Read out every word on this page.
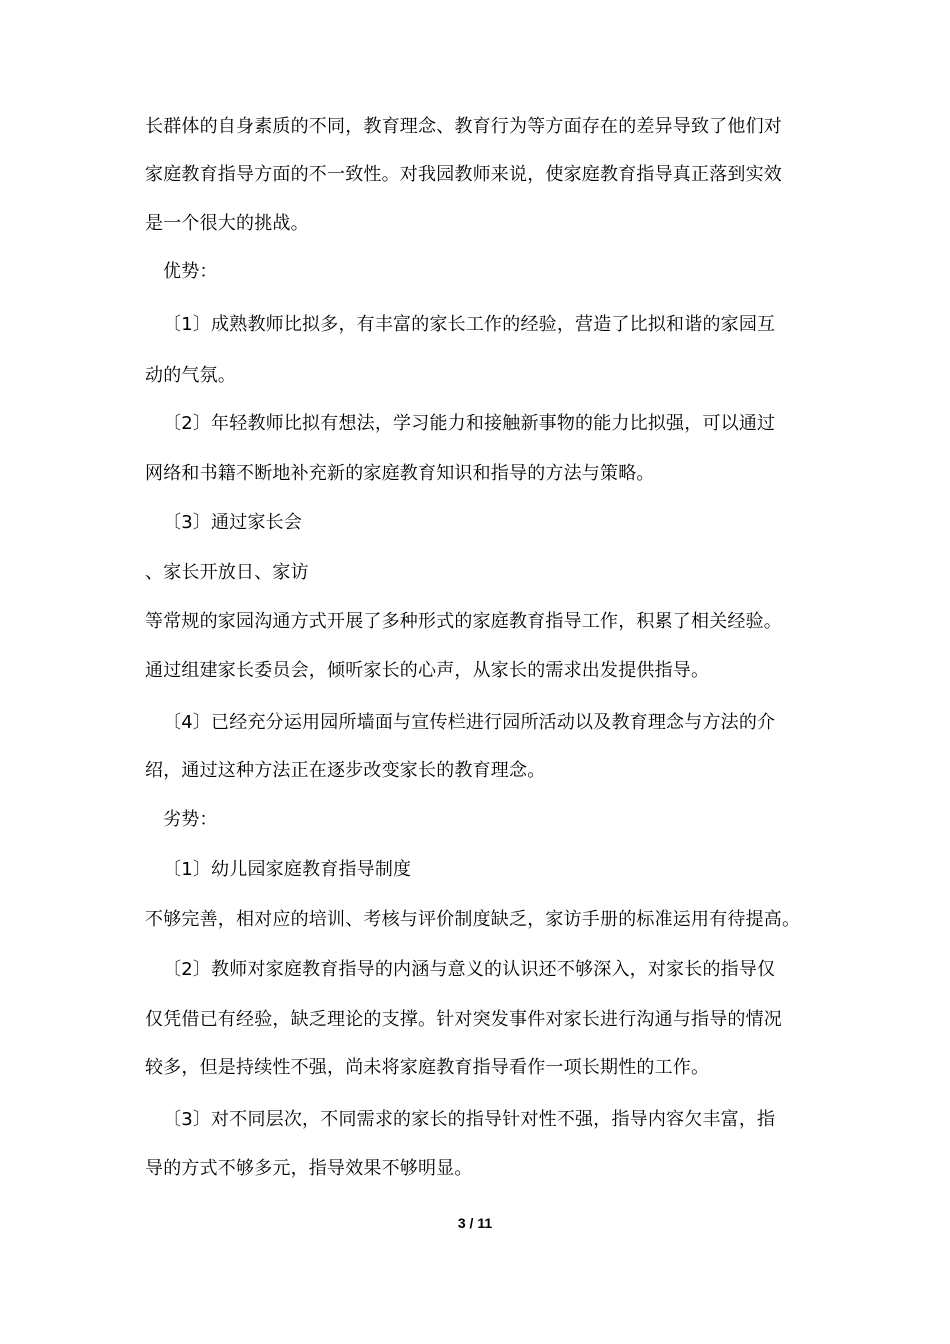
长群体的自身素质的不同，教育理念、教育行为等方面存在的差异导致了他们对
家庭教育指导方面的不一致性。对我园教师来说，使家庭教育指导真正落到实效
是一个很大的挑战。
优势：
〔1〕成熟教师比拟多，有丰富的家长工作的经验，营造了比拟和谐的家园互
动的气氛。
〔2〕年轻教师比拟有想法，学习能力和接触新事物的能力比拟强，可以通过
网络和书籍不断地补充新的家庭教育知识和指导的方法与策略。
〔3〕通过家长会
、家长开放日、家访
等常规的家园沟通方式开展了多种形式的家庭教育指导工作，积累了相关经验。
通过组建家长委员会，倾听家长的心声，从家长的需求出发提供指导。
〔4〕已经充分运用园所墙面与宣传栏进行园所活动以及教育理念与方法的介
绍，通过这种方法正在逐步改变家长的教育理念。
劣势：
〔1〕幼儿园家庭教育指导制度
不够完善，相对应的培训、考核与评价制度缺乏，家访手册的标准运用有待提高。
〔2〕教师对家庭教育指导的内涵与意义的认识还不够深入，对家长的指导仅
仅凭借已有经验，缺乏理论的支撑。针对突发事件对家长进行沟通与指导的情况
较多，但是持续性不强，尚未将家庭教育指导看作一项长期性的工作。
〔3〕对不同层次，不同需求的家长的指导针对性不强，指导内容欠丰富，指
导的方式不够多元，指导效果不够明显。
3 / 11
